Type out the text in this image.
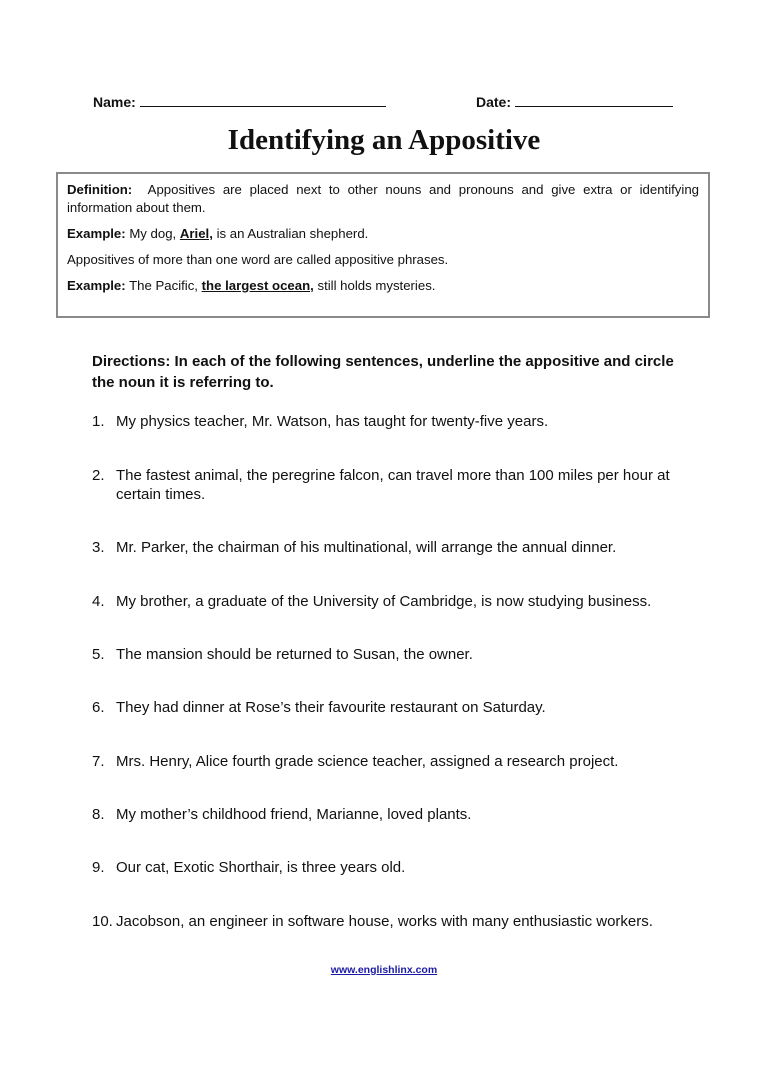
Name:	Date:
Identifying an Appositive

Definition: Appositives are placed next to other nouns and pronouns and give extra or identifying information about them.

Example: My dog, Ariel, is an Australian shepherd.

Appositives of more than one word are called appositive phrases.

Example: The Pacific, the largest ocean, still holds mysteries.

Directions: In each of the following sentences, underline the appositive and circle the noun it is referring to.
1. My physics teacher, Mr. Watson, has taught for twenty-five years.
2. The fastest animal, the peregrine falcon, can travel more than 100 miles per hour at certain times.
3. Mr. Parker, the chairman of his multinational, will arrange the annual dinner.
4. My brother, a graduate of the University of Cambridge, is now studying business.
5. The mansion should be returned to Susan, the owner.
6. They had dinner at Rose’s their favourite restaurant on Saturday.
7. Mrs. Henry, Alice fourth grade science teacher, assigned a research project.
8. My mother’s childhood friend, Marianne, loved plants.
9. Our cat, Exotic Shorthair, is three years old.
10. Jacobson, an engineer in software house, works with many enthusiastic workers.
www.englishlinx.com
